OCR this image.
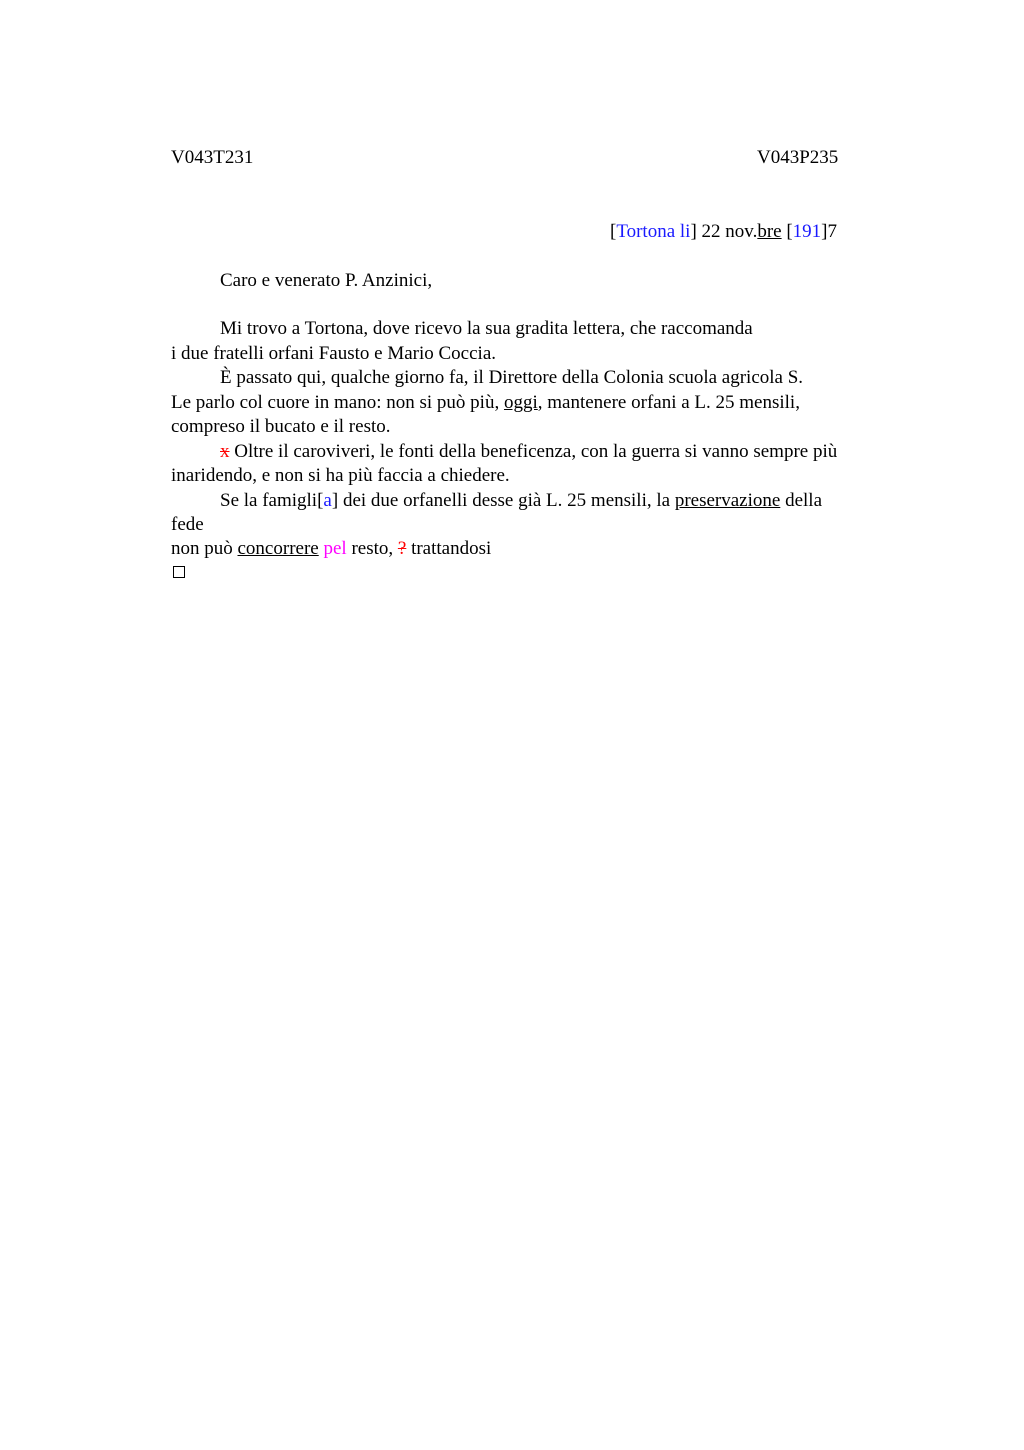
V043T231	V043P235
[Tortona li] 22 nov.bre [191]7
Caro e venerato P. Anzinici,
Mi trovo a Tortona, dove ricevo la sua gradita lettera, che raccomanda
i due fratelli orfani Fausto e Mario Coccia.
È passato qui, qualche giorno fa, il Direttore della Colonia scuola agricola S.
Le parlo col cuore in mano: non si può più, oggi, mantenere orfani a L. 25 mensili,
compreso il bucato e il resto.
x Oltre il caroviveri, le fonti della beneficenza, con la guerra si vanno sempre più
inaridendo, e non si ha più faccia a chiedere.
Se la famigli[a] dei due orfanelli desse già L. 25 mensili, la preservazione della
fede
non può concorrere pel resto, ? trattandosi
